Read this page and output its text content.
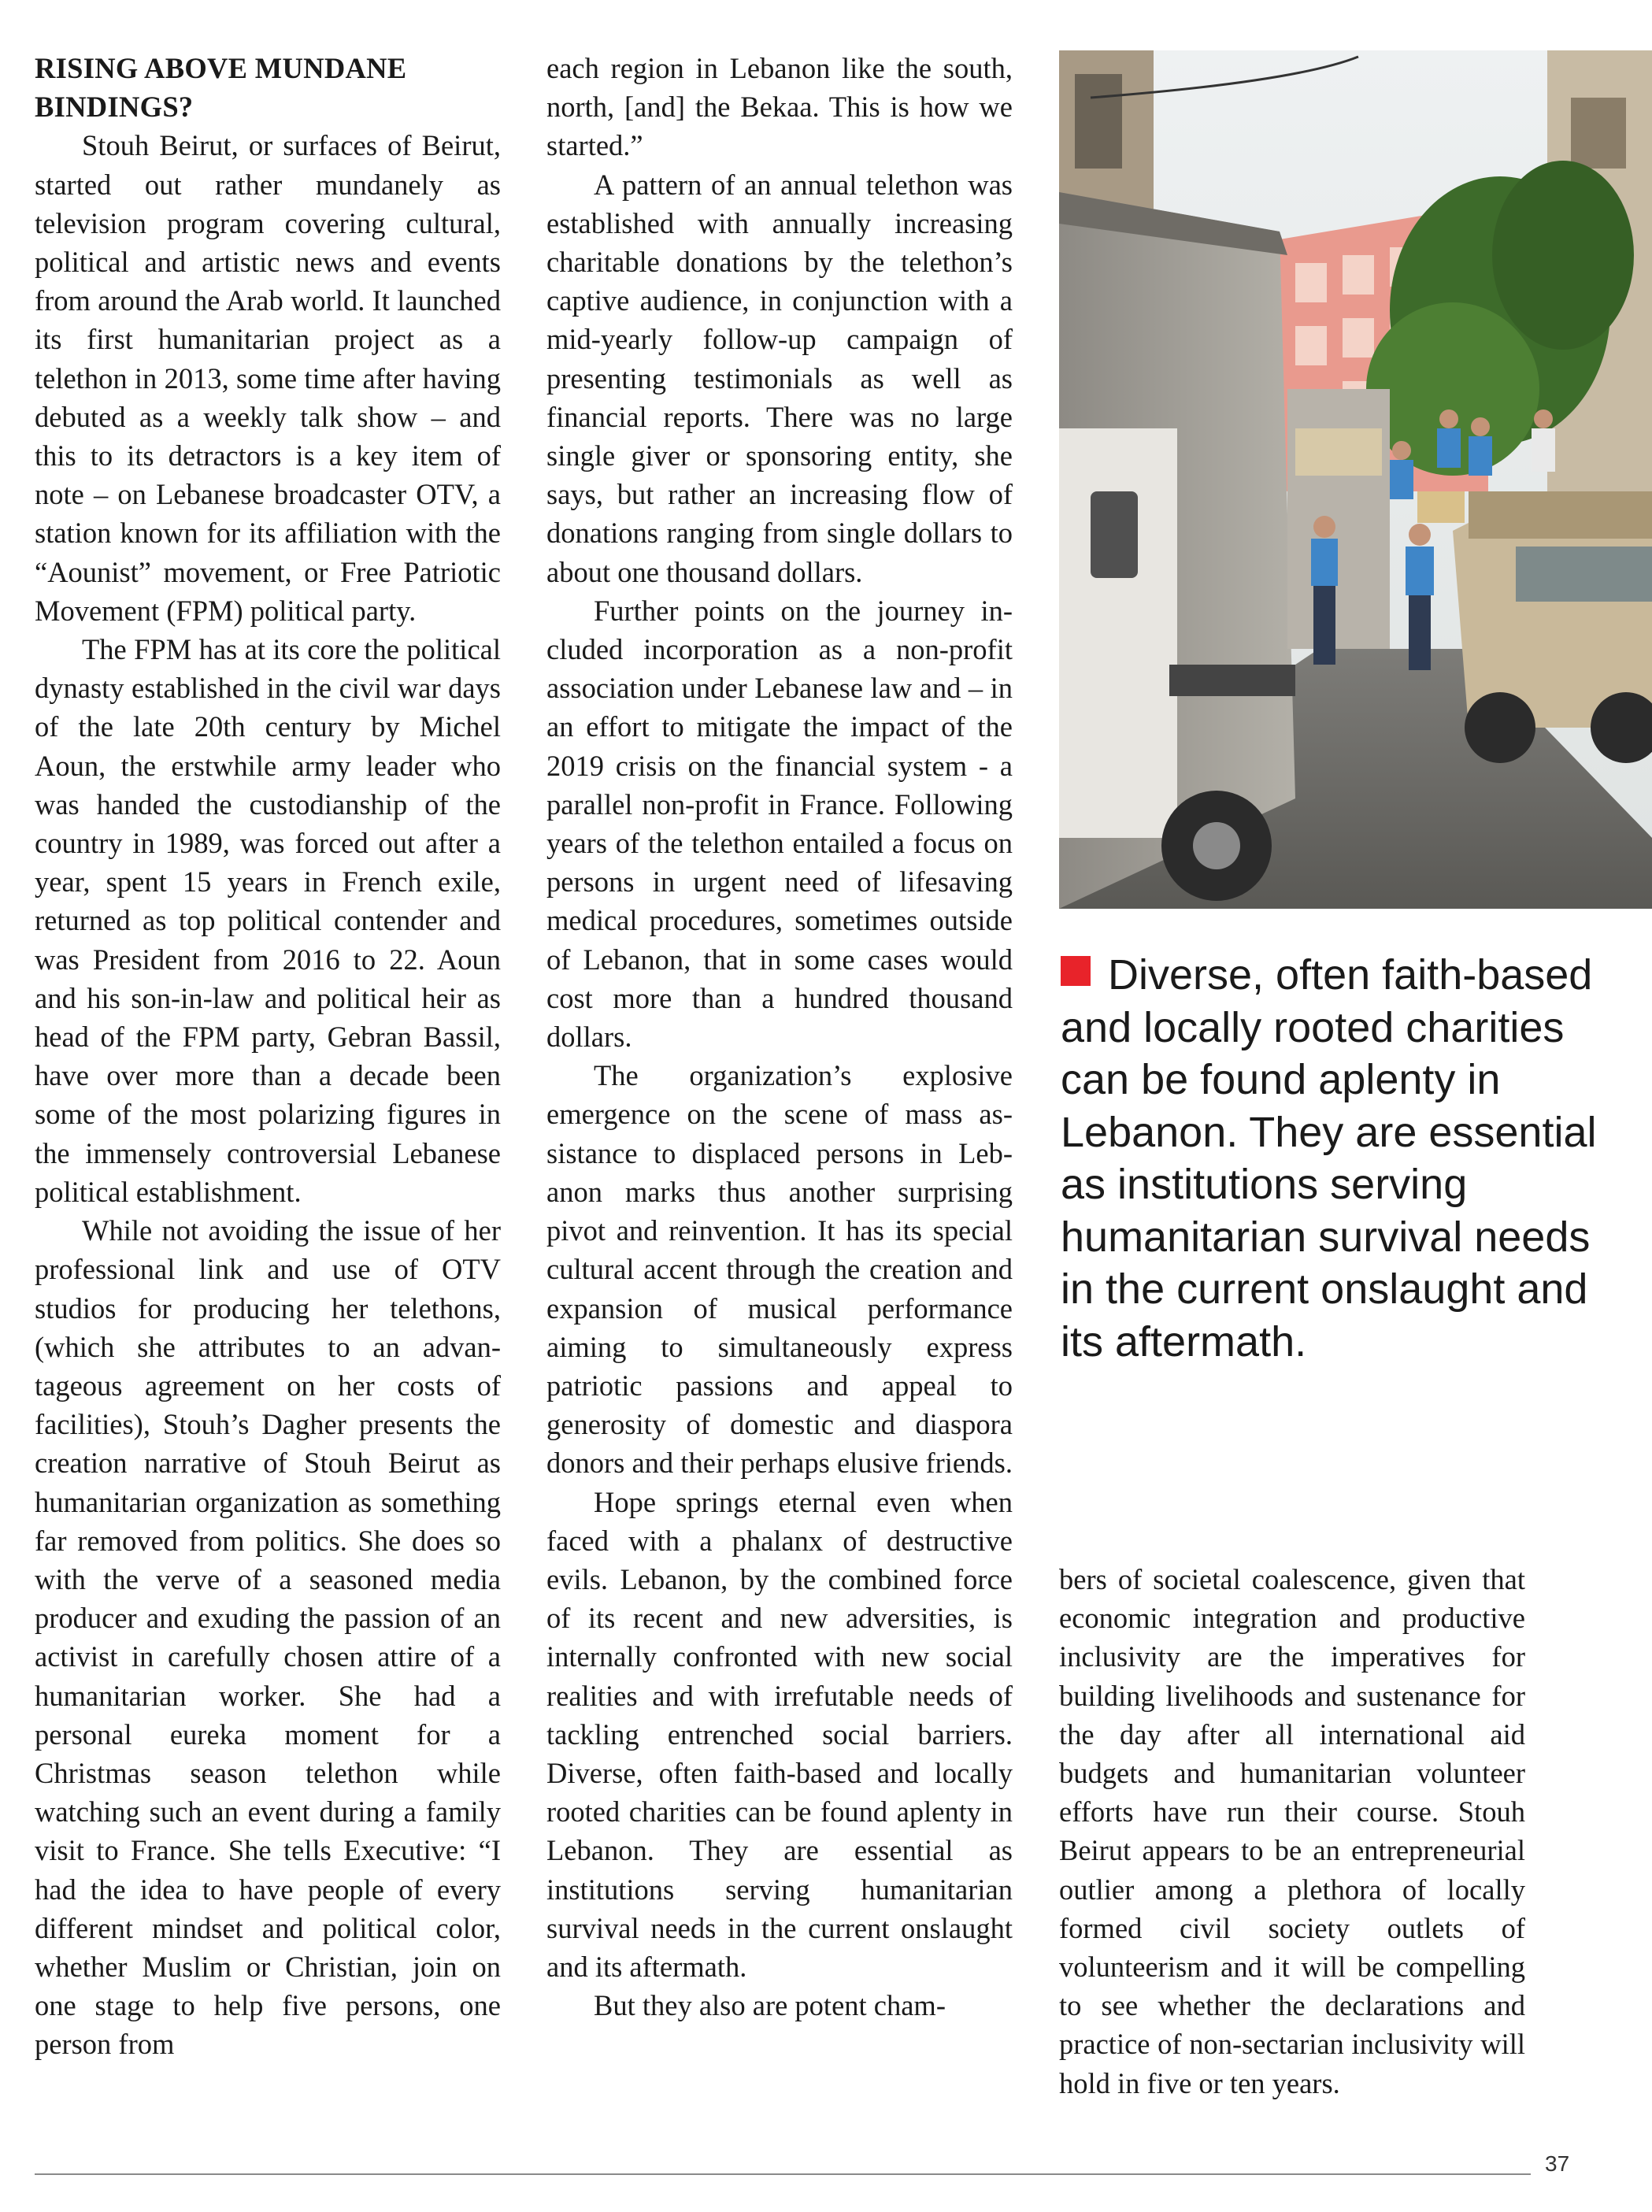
RISING ABOVE MUNDANE BINDINGS?

Stouh Beirut, or surfaces of Beirut, started out rather mundanely as television program covering cultural, political and artistic news and events from around the Arab world. It launched its first humanitarian project as a telethon in 2013, some time after having debuted as a weekly talk show – and this to its detractors is a key item of note – on Lebanese broadcaster OTV, a station known for its affiliation with the “Aounist” movement, or Free Patriotic Movement (FPM) political party.

The FPM has at its core the political dynasty established in the civil war days of the late 20th century by Michel Aoun, the erstwhile army leader who was handed the custodianship of the country in 1989, was forced out after a year, spent 15 years in French exile, returned as top political contender and was President from 2016 to 22. Aoun and his son-in-law and political heir as head of the FPM party, Gebran Bassil, have over more than a decade been some of the most polarizing figures in the immensely controversial Lebanese political establishment.

While not avoiding the issue of her professional link and use of OTV studios for producing her telethons, (which she attributes to an advantageous agreement on her costs of facilities), Stouh’s Dagher presents the creation narrative of Stouh Beirut as humanitarian organization as something far removed from politics. She does so with the verve of a seasoned media producer and exuding the passion of an activist in carefully chosen attire of a humanitarian worker. She had a personal eureka moment for a Christmas season telethon while watching such an event during a family visit to France. She tells Executive: “I had the idea to have people of every different mindset and political color, whether Muslim or Christian, join on one stage to help five persons, one person from

each region in Lebanon like the south, north, [and] the Bekaa. This is how we started.”

A pattern of an annual telethon was established with annually increasing charitable donations by the telethon’s captive audience, in conjunction with a mid-yearly follow-up campaign of presenting testimonials as well as financial reports. There was no large single giver or sponsoring entity, she says, but rather an increasing flow of donations ranging from single dollars to about one thousand dollars.

Further points on the journey included incorporation as a non-profit association under Lebanese law and – in an effort to mitigate the impact of the 2019 crisis on the financial system - a parallel non-profit in France. Following years of the telethon entailed a focus on persons in urgent need of lifesaving medical procedures, sometimes outside of Lebanon, that in some cases would cost more than a hundred thousand dollars.

The organization’s explosive emergence on the scene of mass assistance to displaced persons in Lebanon marks thus another surprising pivot and reinvention. It has its special cultural accent through the creation and expansion of musical performance aiming to simultaneously express patriotic passions and appeal to generosity of domestic and diaspora donors and their perhaps elusive friends.

Hope springs eternal even when faced with a phalanx of destructive evils. Lebanon, by the combined force of its recent and new adversities, is internally confronted with new social realities and with irrefutable needs of tackling entrenched social barriers. Diverse, often faith-based and locally rooted charities can be found aplenty in Lebanon. They are essential as institutions serving humanitarian survival needs in the current onslaught and its aftermath.

But they also are potent cham-

Diverse, often faith-based and locally rooted charities can be found aplenty in Lebanon. They are essential as institutions serving humanitarian survival needs in the current onslaught and its aftermath.

bers of societal coalescence, given that economic integration and productive inclusivity are the imperatives for building livelihoods and sustenance for the day after all international aid budgets and humanitarian volunteer efforts have run their course. Stouh Beirut appears to be an entrepreneurial outlier among a plethora of locally formed civil society outlets of volunteerism and it will be compelling to see whether the declarations and practice of non-sectarian inclusivity will hold in five or ten years.

37
